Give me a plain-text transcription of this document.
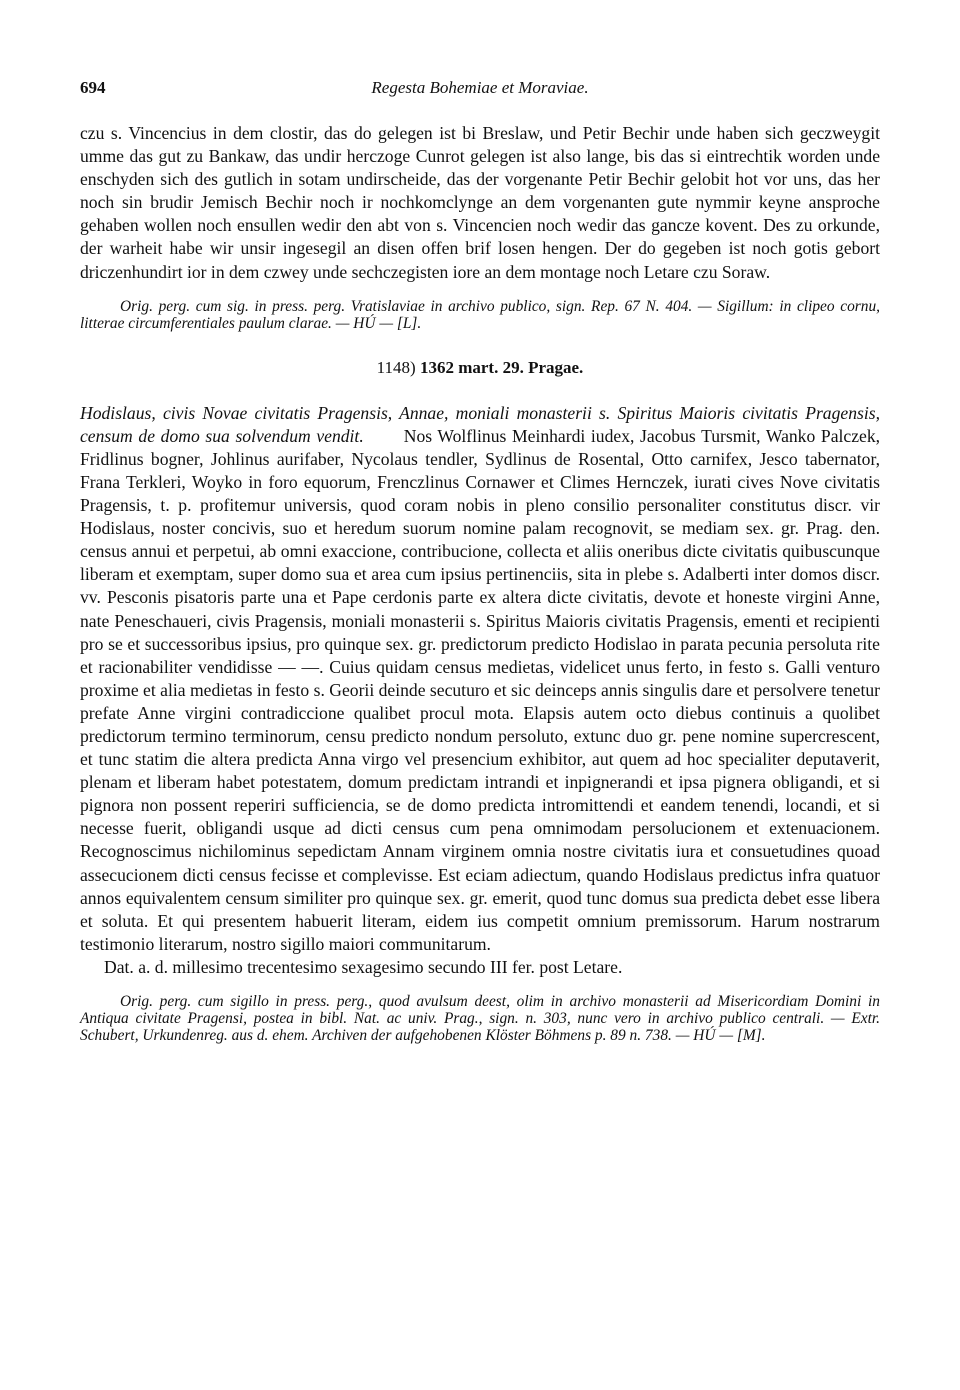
694	Regesta Bohemiae et Moraviae.

czu s. Vincencius in dem clostir, das do gelegen ist bi Breslaw, und Petir Bechir unde haben sich geczweygit umme das gut zu Bankaw, das undir herczoge Cunrot gelegen ist also lange, bis das si eintrechtik worden unde enschyden sich des gutlich in sotam undirscheide, das der vorgenante Petir Bechir gelobit hot vor uns, das her noch sin brudir Jemisch Bechir noch ir nochkomclynge an dem vorgenanten gute nymmir keyne ansproche gehaben wollen noch ensullen wedir den abt von s. Vincencien noch wedir das gancze kovent. Des zu orkunde, der warheit habe wir unsir ingesegil an disen offen brif losen hengen. Der do gegeben ist noch gotis gebort driczenhundirt ior in dem czwey unde sechczegisten iore an dem montage noch Letare czu Soraw.

Orig. perg. cum sig. in press. perg. Vratislaviae in archivo publico, sign. Rep. 67 N. 404. — Sigillum: in clipeo cornu, litterae circumferentiales paulum clarae. — HÚ — [L].

1148) 1362 mart. 29. Pragae.

Hodislaus, civis Novae civitatis Pragensis, Annae, moniali monasterii s. Spiritus Maioris civitatis Pragensis, censum de domo sua solvendum vendit. Nos Wolflinus Meinhardi iudex, Jacobus Tursmit, Wanko Palczek, Fridlinus bogner, Johlinus aurifaber, Nycolaus tendler, Sydlinus de Rosental, Otto carnifex, Jesco tabernator, Frana Terkleri, Woyko in foro equorum, Frenczlinus Cornawer et Climes Hernczek, iurati cives Nove civitatis Pragensis, t. p. profitemur universis, quod coram nobis in pleno consilio personaliter constitutus discr. vir Hodislaus, noster concivis, suo et heredum suorum nomine palam recognovit, se mediam sex. gr. Prag. den. census annui et perpetui, ab omni exaccione, contribucione, collecta et aliis oneribus dicte civitatis quibuscunque liberam et exemptam, super domo sua et area cum ipsius pertinenciis, sita in plebe s. Adalberti inter domos discr. vv. Pesconis pisatoris parte una et Pape cerdonis parte ex altera dicte civitatis, devote et honeste virgini Anne, nate Peneschaueri, civis Pragensis, moniali monasterii s. Spiritus Maioris civitatis Pragensis, ementi et recipienti pro se et successoribus ipsius, pro quinque sex. gr. predictorum predicto Hodislao in parata pecunia persoluta rite et racionabiliter vendidisse — —. Cuius quidam census medietas, videlicet unus ferto, in festo s. Galli venturo proxime et alia medietas in festo s. Georii deinde secuturo et sic deinceps annis singulis dare et persolvere tenetur prefate Anne virgini contradiccione qualibet procul mota. Elapsis autem octo diebus continuis a quolibet predictorum termino terminorum, censu predicto nondum persoluto, extunc duo gr. pene nomine supercrescent, et tunc statim die altera predicta Anna virgo vel presencium exhibitor, aut quem ad hoc specialiter deputaverit, plenam et liberam habet potestatem, domum predictam intrandi et inpignerandi et ipsa pignera obligandi, et si pignora non possent reperiri sufficiencia, se de domo predicta intromittendi et eandem tenendi, locandi, et si necesse fuerit, obligandi usque ad dicti census cum pena omnimodam persolucionem et extenuacionem. Recognoscimus nichilominus sepedictam Annam virginem omnia nostre civitatis iura et consuetudines quoad assecucionem dicti census fecisse et complevisse. Est eciam adiectum, quando Hodislaus predictus infra quatuor annos equivalentem censum similiter pro quinque sex. gr. emerit, quod tunc domus sua predicta debet esse libera et soluta. Et qui presentem habuerit literam, eidem ius competit omnium premissorum. Harum nostrarum testimonio literarum, nostro sigillo maiori communitarum.

Dat. a. d. millesimo trecentesimo sexagesimo secundo III fer. post Letare.

Orig. perg. cum sigillo in press. perg., quod avulsum deest, olim in archivo monasterii ad Misericordiam Domini in Antiqua civitate Pragensi, postea in bibl. Nat. ac univ. Prag., sign. n. 303, nunc vero in archivo publico centrali. — Extr. Schubert, Urkundenreg. aus d. ehem. Archiven der aufgehobenen Klöster Böhmens p. 89 n. 738. — HÚ — [M].
